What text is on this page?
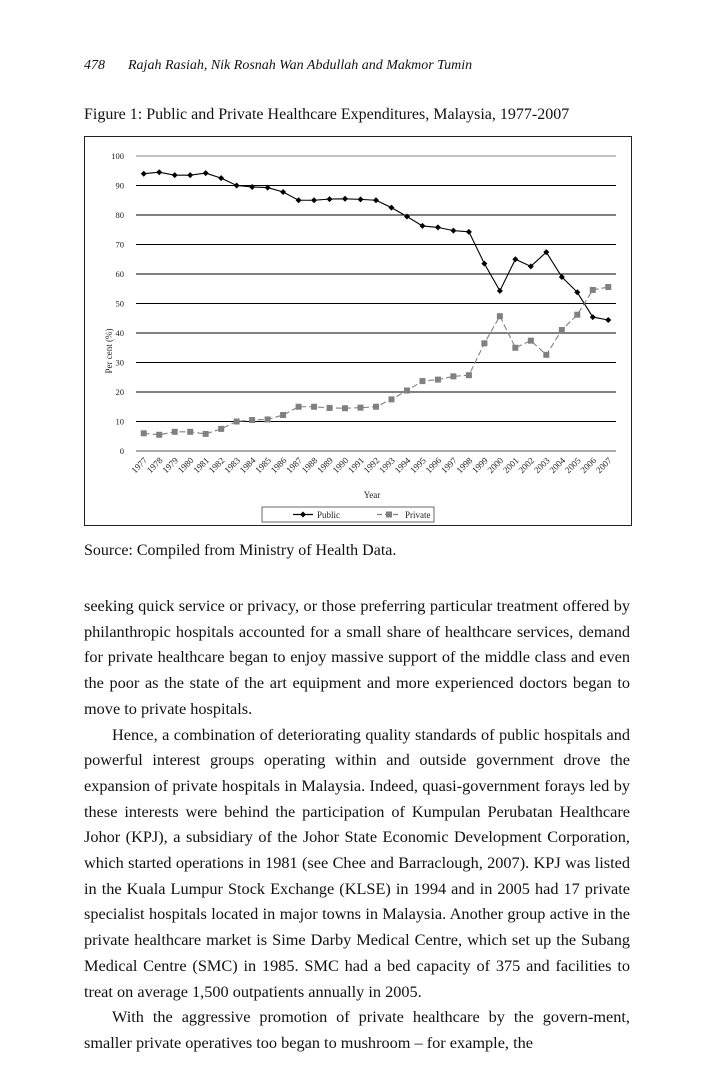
478 Rajah Rasiah, Nik Rosnah Wan Abdullah and Makmor Tumin
Figure 1: Public and Private Healthcare Expenditures, Malaysia, 1977-2007
0
10
20
30
40
50
60
70
80
90
100
1977
1978
1979
1980
1981
1982
1983
1984
1985
1986
1987
1988
1989
1990
1991
1992
1993
1994
1995
1996
1997
1998
1999
2000
2001
2002
2003
2004
2005
2006
2007
Per cent (%)
Year
Public	Private
Source: Compiled from Ministry of Health Data.

seeking quick service or privacy, or those preferring particular treatment offered by philanthropic hospitals accounted for a small share of healthcare services, demand for private healthcare began to enjoy massive support of the middle class and even the poor as the state of the art equipment and more experienced doctors began to move to private hospitals.

Hence, a combination of deteriorating quality standards of public hospitals and powerful interest groups operating within and outside government drove the expansion of private hospitals in Malaysia. Indeed, quasi-government forays led by these interests were behind the participation of Kumpulan Perubatan Healthcare Johor (KPJ), a subsidiary of the Johor State Economic Development Corporation, which started operations in 1981 (see Chee and Barraclough, 2007). KPJ was listed in the Kuala Lumpur Stock Exchange (KLSE) in 1994 and in 2005 had 17 private specialist hospitals located in major towns in Malaysia. Another group active in the private healthcare market is Sime Darby Medical Centre, which set up the Subang Medical Centre (SMC) in 1985. SMC had a bed capacity of 375 and facilities to treat on average 1,500 outpatients annually in 2005.

With the aggressive promotion of private healthcare by the govern-ment, smaller private operatives too began to mushroom – for example, the
